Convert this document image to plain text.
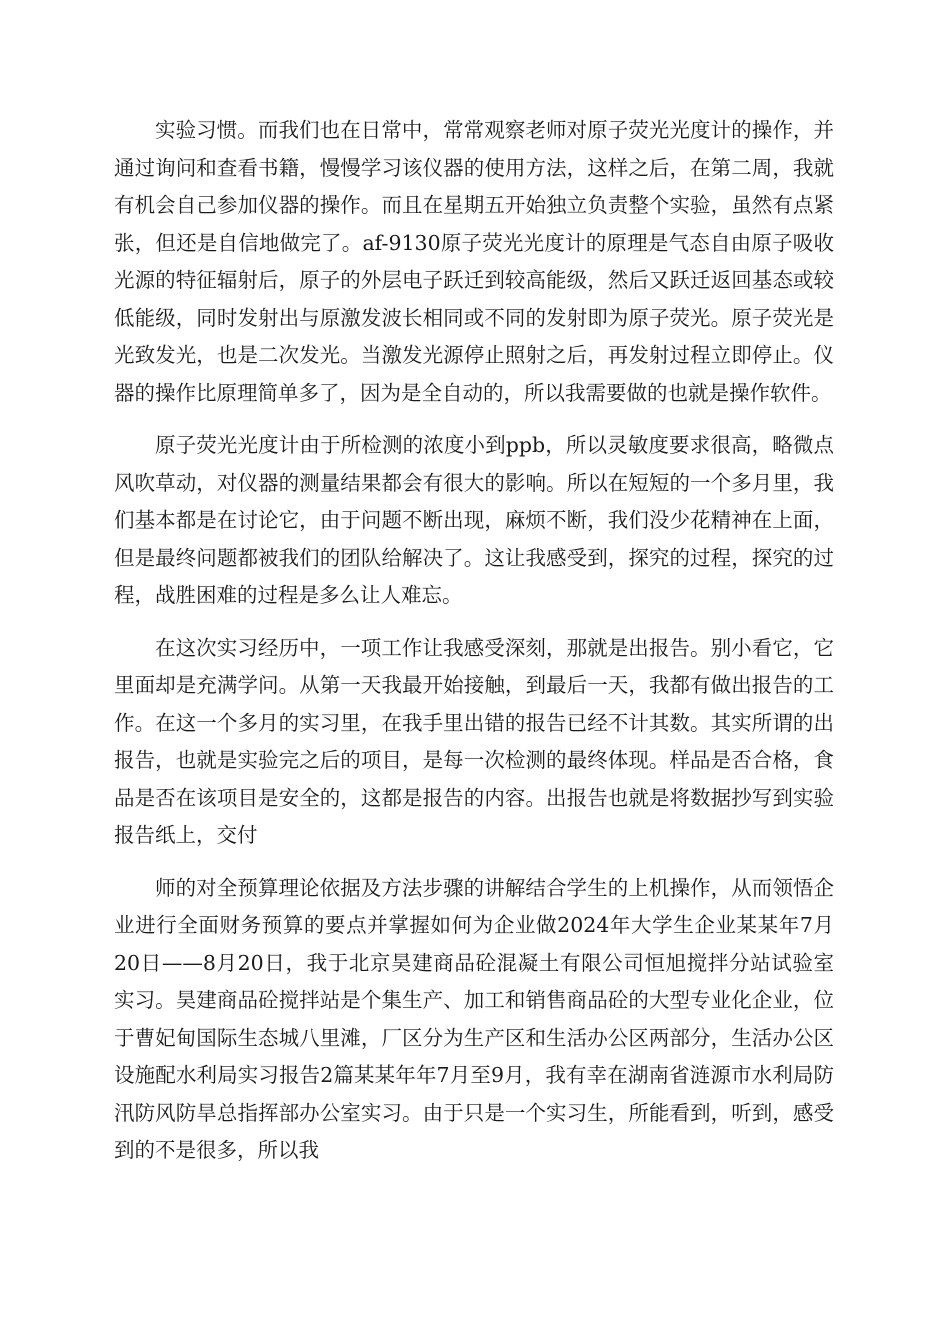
实验习惯。而我们也在日常中，常常观察老师对原子荧光光度计的操作，并通过询问和查看书籍，慢慢学习该仪器的使用方法，这样之后，在第二周，我就有机会自己参加仪器的操作。而且在星期五开始独立负责整个实验，虽然有点紧张，但还是自信地做完了。af-9130原子荧光光度计的原理是气态自由原子吸收光源的特征辐射后，原子的外层电子跃迁到较高能级，然后又跃迁返回基态或较低能级，同时发射出与原激发波长相同或不同的发射即为原子荧光。原子荧光是光致发光，也是二次发光。当激发光源停止照射之后，再发射过程立即停止。仪器的操作比原理简单多了，因为是全自动的，所以我需要做的也就是操作软件。

原子荧光光度计由于所检测的浓度小到ppb，所以灵敏度要求很高，略微点风吹草动，对仪器的测量结果都会有很大的影响。所以在短短的一个多月里，我们基本都是在讨论它，由于问题不断出现，麻烦不断，我们没少花精神在上面，但是最终问题都被我们的团队给解决了。这让我感受到，探究的过程，探究的过程，战胜困难的过程是多么让人难忘。

在这次实习经历中，一项工作让我感受深刻，那就是出报告。别小看它，它里面却是充满学问。从第一天我最开始接触，到最后一天，我都有做出报告的工作。在这一个多月的实习里，在我手里出错的报告已经不计其数。其实所谓的出报告，也就是实验完之后的项目，是每一次检测的最终体现。样品是否合格，食品是否在该项目是安全的，这都是报告的内容。出报告也就是将数据抄写到实验报告纸上，交付

师的对全预算理论依据及方法步骤的讲解结合学生的上机操作，从而领悟企业进行全面财务预算的要点并掌握如何为企业做2024年大学生企业某某年7月20日——8月20日，我于北京昊建商品砼混凝土有限公司恒旭搅拌分站试验室实习。昊建商品砼搅拌站是个集生产、加工和销售商品砼的大型专业化企业，位于曹妃甸国际生态城八里滩，厂区分为生产区和生活办公区两部分，生活办公区设施配水利局实习报告2篇某某年年7月至9月，我有幸在湖南省涟源市水利局防汛防风防旱总指挥部办公室实习。由于只是一个实习生，所能看到，听到，感受到的不是很多，所以我
